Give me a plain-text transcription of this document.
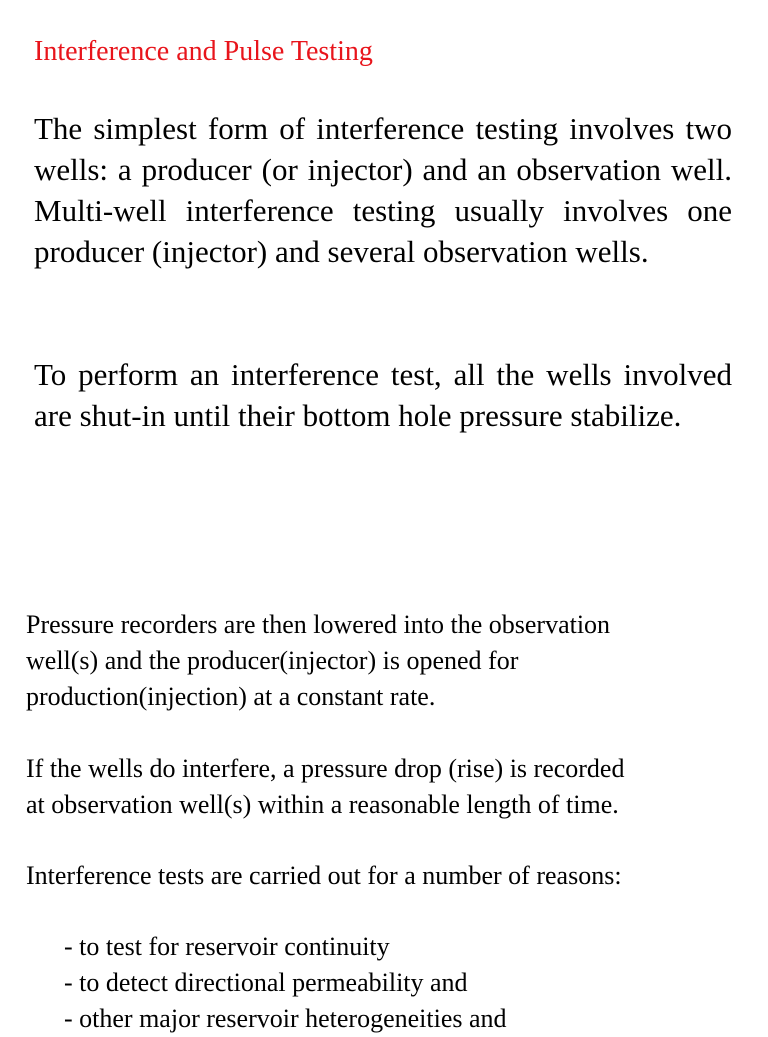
Interference and Pulse Testing

The simplest form of interference testing involves two wells: a producer (or injector) and an observation well. Multi-well interference testing usually involves one producer (injector) and several observation wells.

To perform an interference test, all the wells involved are shut-in until their bottom hole pressure stabilize.

Pressure recorders are then lowered into the observation
well(s) and the producer(injector) is opened for
production(injection) at a constant rate.

If the wells do interfere, a pressure drop (rise) is recorded
at observation well(s) within a reasonable length of time.

Interference tests are carried out for a number of reasons:

- to test for reservoir continuity
- to detect directional permeability and
- other major reservoir heterogeneities and
